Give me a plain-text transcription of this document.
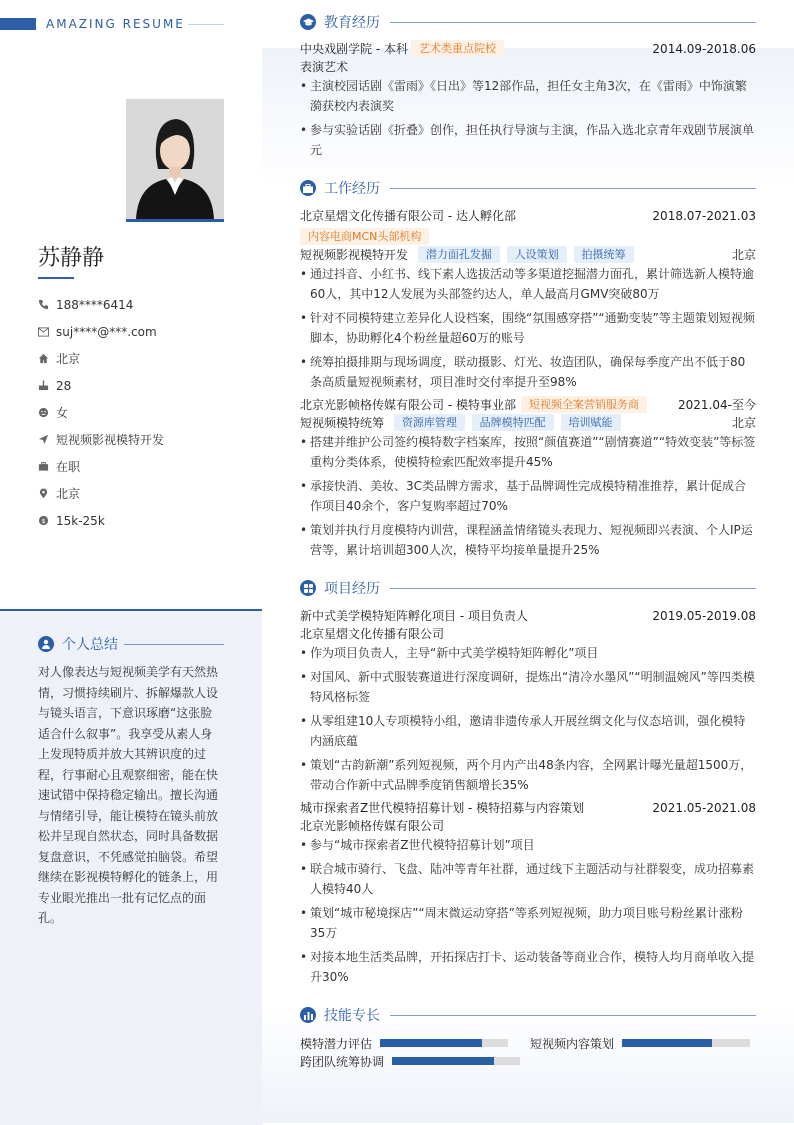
AMAZING RESUME
苏静静
188****6414
suj****@***.com
北京
28
女
短视频影视模特开发
在职
北京
$ 15k-25k
个人总结
对人像表达与短视频美学有天然热情，习惯持续刷片、拆解爆款人设与镜头语言，下意识琢磨“这张脸适合什么叙事”。我享受从素人身上发现特质并放大其辨识度的过程，行事耐心且观察细密，能在快速试错中保持稳定输出。擅长沟通与情绪引导，能让模特在镜头前放松并呈现自然状态，同时具备数据复盘意识，不凭感觉拍脑袋。希望继续在影视模特孵化的链条上，用专业眼光推出一批有记忆点的面孔。
教育经历
中央戏剧学院 - 本科 艺术类重点院校	2014.09-2018.06
表演艺术
• 主演校园话剧《雷雨》《日出》等12部作品，担任女主角3次，在《雷雨》中饰演繁漪获校内表演奖
• 参与实验话剧《折叠》创作，担任执行导演与主演，作品入选北京青年戏剧节展演单元
工作经历
北京星熠文化传播有限公司 - 达人孵化部	2018.07-2021.03
内容电商MCN头部机构
短视频影视模特开发 潜力面孔发掘 人设策划 拍摄统筹	北京
• 通过抖音、小红书、线下素人选拔活动等多渠道挖掘潜力面孔，累计筛选新人模特逾60人，其中12人发展为头部签约达人，单人最高月GMV突破80万
• 针对不同模特建立差异化人设档案，围绕“氛围感穿搭”“通勤变装”等主题策划短视频脚本，协助孵化4个粉丝量超60万的账号
• 统筹拍摄排期与现场调度，联动摄影、灯光、妆造团队，确保每季度产出不低于80条高质量短视频素材，项目准时交付率提升至98%
北京光影帧格传媒有限公司 - 模特事业部 短视频全案营销服务商	2021.04-至今
短视频模特统筹 资源库管理 品牌模特匹配 培训赋能	北京
• 搭建并维护公司签约模特数字档案库，按照“颜值赛道”“剧情赛道”“特效变装”等标签重构分类体系，使模特检索匹配效率提升45%
• 承接快消、美妆、3C类品牌方需求，基于品牌调性完成模特精准推荐，累计促成合作项目40余个，客户复购率超过70%
• 策划并执行月度模特内训营，课程涵盖情绪镜头表现力、短视频即兴表演、个人IP运营等，累计培训超300人次，模特平均接单量提升25%
项目经历
新中式美学模特矩阵孵化项目 - 项目负责人	2019.05-2019.08
北京星熠文化传播有限公司
• 作为项目负责人，主导“新中式美学模特矩阵孵化”项目
• 对国风、新中式服装赛道进行深度调研，提炼出“清冷水墨风”“明制温婉风”等四类模特风格标签
• 从零组建10人专项模特小组，邀请非遗传承人开展丝绸文化与仪态培训，强化模特内涵底蕴
• 策划“古韵新潮”系列短视频，两个月内产出48条内容，全网累计曝光量超1500万，带动合作新中式品牌季度销售额增长35%
城市探索者Z世代模特招募计划 - 模特招募与内容策划	2021.05-2021.08
北京光影帧格传媒有限公司
• 参与“城市探索者Z世代模特招募计划”项目
• 联合城市骑行、飞盘、陆冲等青年社群，通过线下主题活动与社群裂变，成功招募素人模特40人
• 策划“城市秘境探店”“周末微运动穿搭”等系列短视频，助力项目账号粉丝累计涨粉35万
• 对接本地生活类品牌，开拓探店打卡、运动装备等商业合作，模特人均月商单收入提升30%
技能专长
模特潜力评估	短视频内容策划
跨团队统筹协调
